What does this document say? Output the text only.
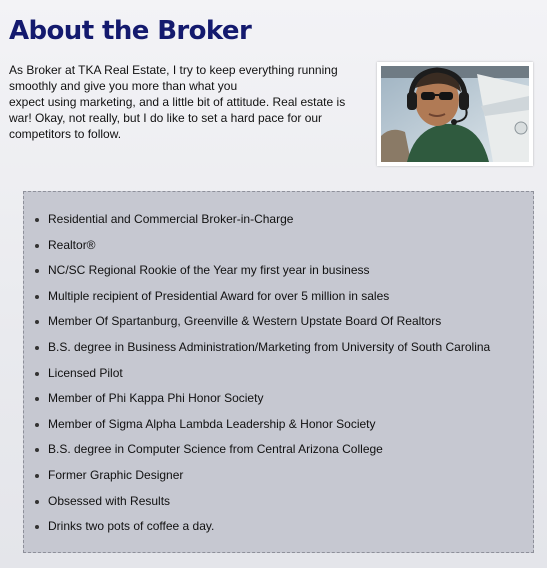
About the Broker

As Broker at TKA Real Estate, I try to keep everything running
smoothly and give you more than what you
expect using marketing, and a little bit of attitude. Real estate is
war! Okay, not really, but I do like to set a hard pace for our
competitors to follow.

Residential and Commercial Broker-in-Charge
Realtor®
NC/SC Regional Rookie of the Year my first year in business
Multiple recipient of Presidential Award for over 5 million in sales
Member Of Spartanburg, Greenville & Western Upstate Board Of Realtors
B.S. degree in Business Administration/Marketing from University of South Carolina
Licensed Pilot
Member of Phi Kappa Phi Honor Society
Member of Sigma Alpha Lambda Leadership & Honor Society
B.S. degree in Computer Science from Central Arizona College
Former Graphic Designer
Obsessed with Results
Drinks two pots of coffee a day.
